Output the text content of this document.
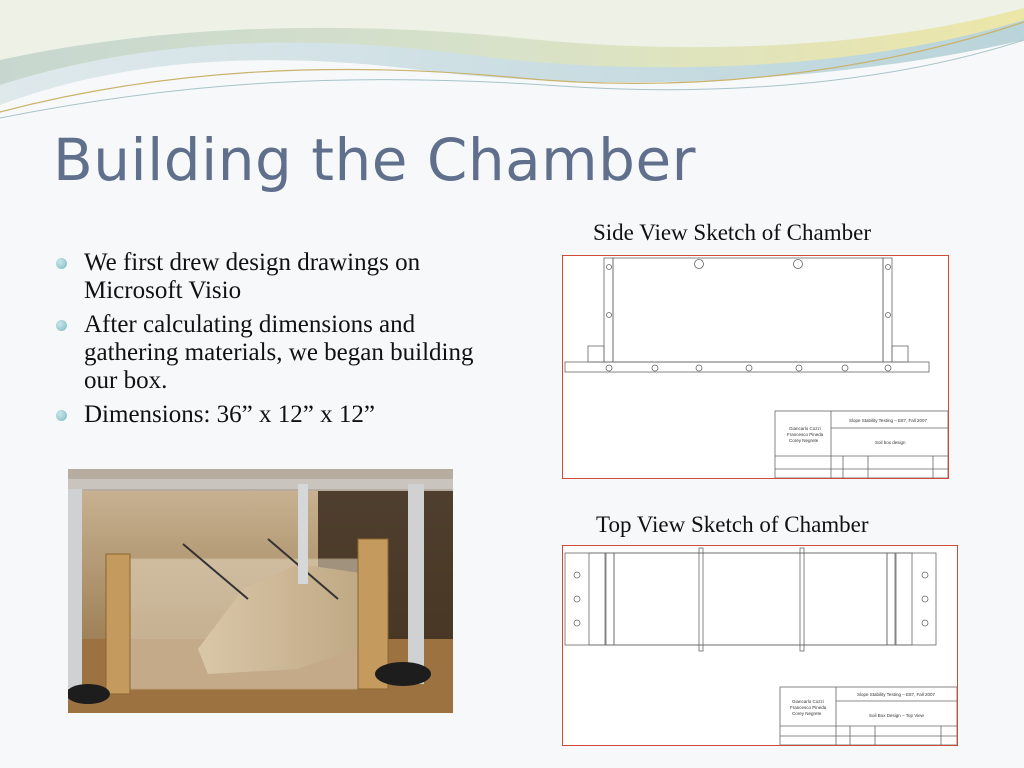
Building the Chamber
We first drew design drawings on Microsoft Visio
After calculating dimensions and gathering materials, we began building our box.
Dimensions: 36” x 12” x 12”
Side View Sketch of Chamber
Giancarlo Cozzi
Francesco Pineda
Corey Negrete
Slope Stability Testing – E87, Fall 2007
Soil box design
Top View Sketch of Chamber
Giancarlo Cozzi
Francesco Pineda
Corey Negrete
Slope Stability Testing – E87, Fall 2007
Soil Box Design – Top View
